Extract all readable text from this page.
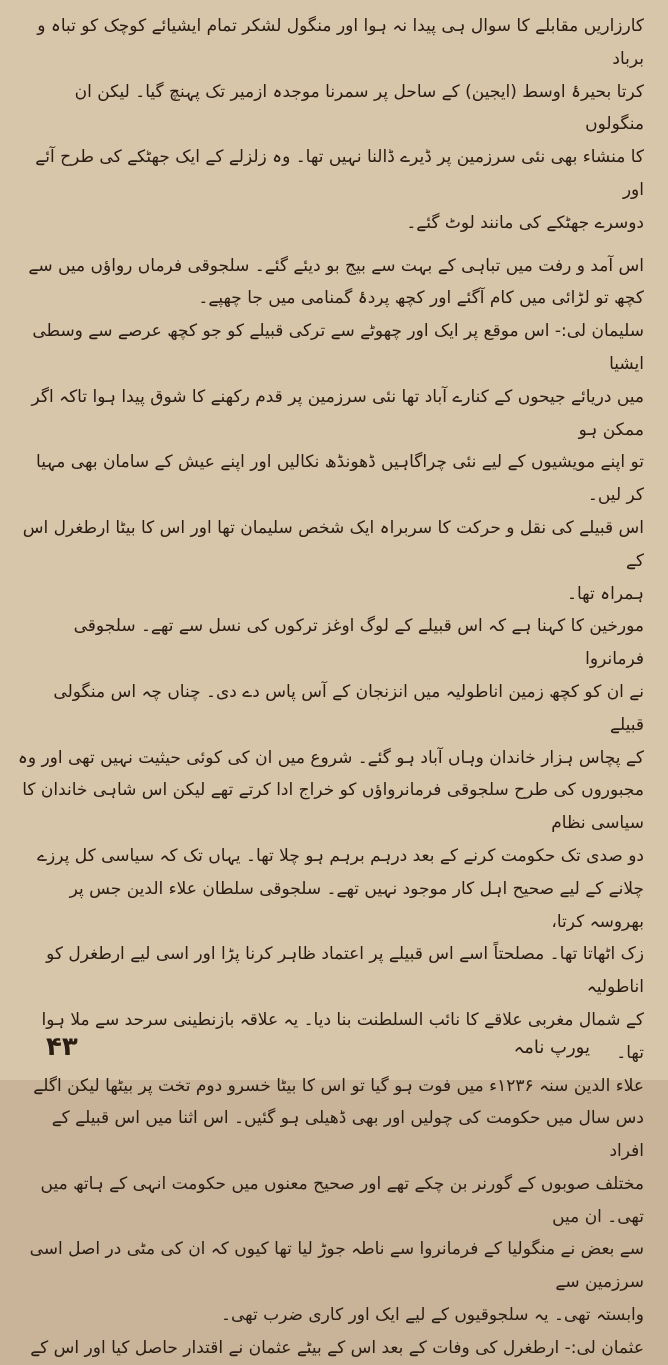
کارزاریں مقابلے کا سوال ہی پیدا نہ ہوا اور منگول لشکر تمام ایشیائے کوچک کو تباہ و برباد
کرتا بحیرۂ اوسط (ایجین) کے ساحل پر سمرنا موجدہ ازمیر تک پہنچ گیا۔ لیکن ان منگولوں
کا منشاء بھی نئی سرزمین پر ڈیرے ڈالنا نہیں تھا۔ وہ زلزلے کے ایک جھٹکے کی طرح آئے اور
دوسرے جھٹکے کی مانند لوٹ گئے۔
اس آمد و رفت میں تباہی کے بہت سے بیج بو دیئے گئے۔ سلجوقی فرماں رواؤں میں سے
کچھ تو لڑائی میں کام آگئے اور کچھ پردۂ گمنامی میں جا چھپے۔
سلیمان لی:- اس موقع پر ایک اور چھوٹے سے ترکی قبیلے کو جو کچھ عرصے سے وسطی ایشیا
میں دریائے جیحوں کے کنارے آباد تھا نئی سرزمین پر قدم رکھنے کا شوق پیدا ہوا تاکہ اگر ممکن ہو
تو اپنے مویشیوں کے لیے نئی چراگاہیں ڈھونڈھ نکالیں اور اپنے عیش کے سامان بھی مہیا کر لیں۔
اس قبیلے کی نقل و حرکت کا سربراہ ایک شخص سلیمان تھا اور اس کا بیٹا ارطغرل اس کے
ہمراہ تھا۔
مورخین کا کہنا ہے کہ اس قبیلے کے لوگ اوغز ترکوں کی نسل سے تھے۔ سلجوقی فرمانروا
نے ان کو کچھ زمین اناطولیہ میں انزنجان کے آس پاس دے دی۔ چناں چہ اس منگولی قبیلے
کے پچاس ہزار خاندان وہاں آباد ہو گئے۔ شروع میں ان کی کوئی حیثیت نہیں تھی اور وہ
مجبوروں کی طرح سلجوقی فرمانرواؤں کو خراج ادا کرتے تھے لیکن اس شاہی خاندان کا سیاسی نظام
دو صدی تک حکومت کرنے کے بعد درہم برہم ہو چلا تھا۔ یہاں تک کہ سیاسی کل پرزے
چلانے کے لیے صحیح اہل کار موجود نہیں تھے۔ سلجوقی سلطان علاء الدین جس پر بھروسہ کرتا،
زک اٹھاتا تھا۔ مصلحتاً اسے اس قبیلے پر اعتماد ظاہر کرنا پڑا اور اسی لیے ارطغرل کو اناطولیہ
کے شمال مغربی علاقے کا نائب السلطنت بنا دیا۔ یہ علاقہ بازنطینی سرحد سے ملا ہوا تھا۔
علاء الدین سنہ ۱۲۳۶ء میں فوت ہو گیا تو اس کا بیٹا خسرو دوم تخت پر بیٹھا لیکن اگلے
دس سال میں حکومت کی چولیں اور بھی ڈھیلی ہو گئیں۔ اس اثنا میں اس قبیلے کے افراد
مختلف صوبوں کے گورنر بن چکے تھے اور صحیح معنوں میں حکومت انہی کے ہاتھ میں تھی۔ ان میں
سے بعض نے منگولیا کے فرمانروا سے ناطہ جوڑ لیا تھا کیوں کہ ان کی مٹی در اصل اسی سرزمین سے
وابستہ تھی۔ یہ سلجوقیوں کے لیے ایک اور کاری ضرب تھی۔
عثمان لی:- ارطغرل کی وفات کے بعد اس کے بیٹے عثمان نے اقتدار حاصل کیا اور اس کے
یورپ نامہ
۴۳
